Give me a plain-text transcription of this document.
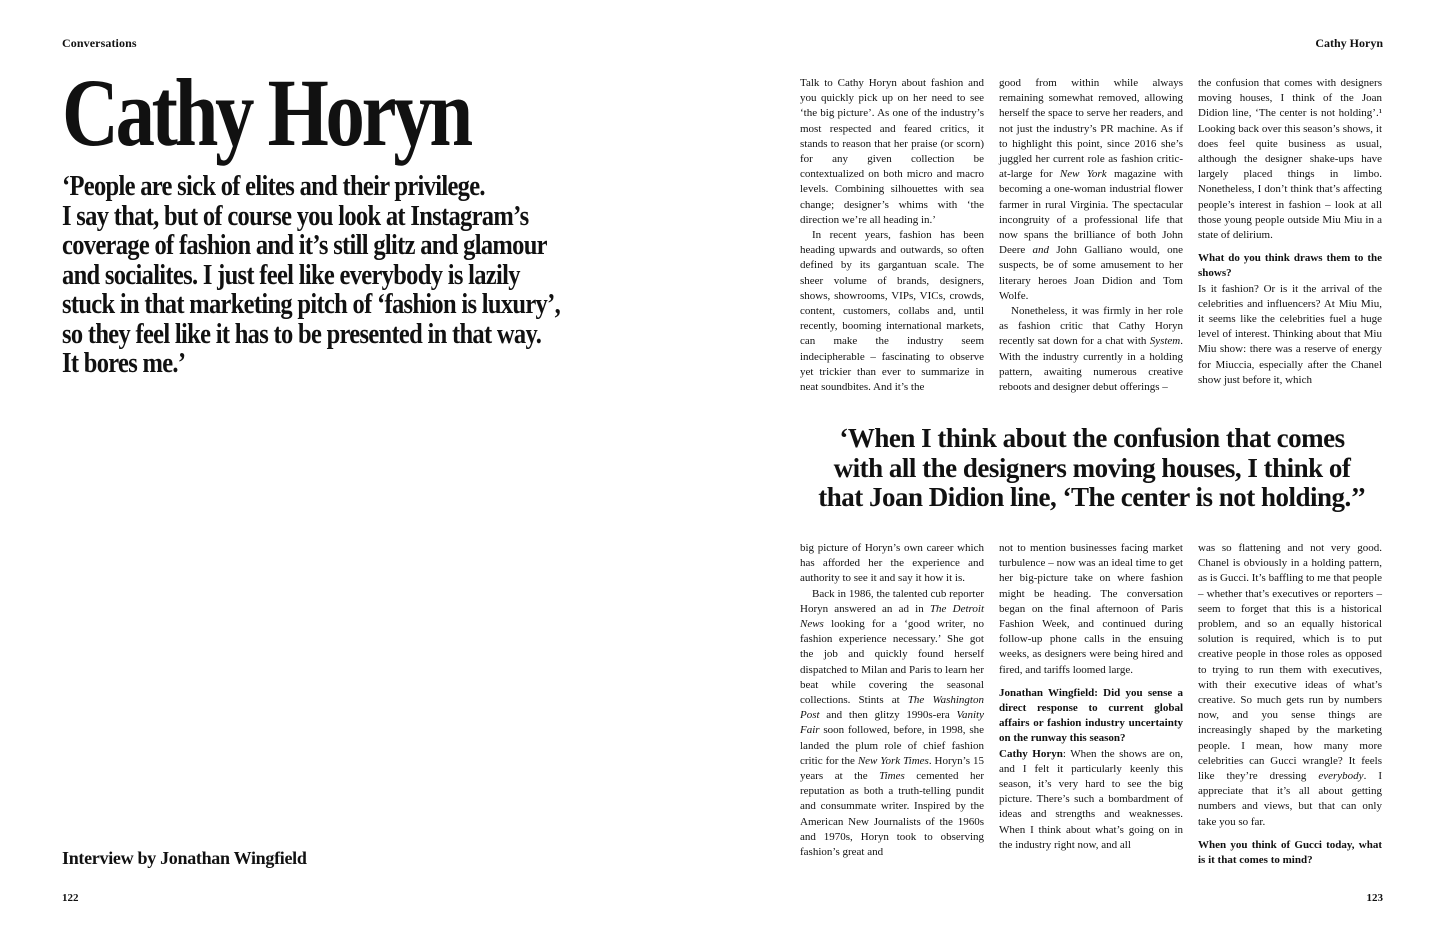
Conversations
Cathy Horyn
‘People are sick of elites and their privilege.
I say that, but of course you look at Instagram’s
coverage of fashion and it’s still glitz and glamour
and socialites. I just feel like everybody is lazily
stuck in that marketing pitch of ‘fashion is luxury’,
so they feel like it has to be presented in that way.
It bores me.’
Interview by Jonathan Wingfield
122
Cathy Horyn

Talk to Cathy Horyn about fashion and you quickly pick up on her need to see ‘the big picture’. As one of the industry’s most respected and feared critics, it stands to reason that her praise (or scorn) for any given collection be contextualized on both micro and macro levels. Combining silhouettes with sea change; designer’s whims with ‘the direction we’re all heading in.’

In recent years, fashion has been heading upwards and outwards, so often defined by its gargantuan scale. The sheer volume of brands, designers, shows, showrooms, VIPs, VICs, crowds, content, customers, collabs and, until recently, booming international markets, can make the industry seem indecipherable – fascinating to observe yet trickier than ever to summarize in neat soundbites. And it’s the

good from within while always remaining somewhat removed, allowing herself the space to serve her readers, and not just the industry’s PR machine. As if to highlight this point, since 2016 she’s juggled her current role as fashion critic-at-large for New York magazine with becoming a one-woman industrial flower farmer in rural Virginia. The spectacular incongruity of a professional life that now spans the brilliance of both John Deere and John Galliano would, one suspects, be of some amusement to her literary heroes Joan Didion and Tom Wolfe.

Nonetheless, it was firmly in her role as fashion critic that Cathy Horyn recently sat down for a chat with System. With the industry currently in a holding pattern, awaiting numerous creative reboots and designer debut offerings –

the confusion that comes with designers moving houses, I think of the Joan Didion line, ‘The center is not holding’.¹ Looking back over this season’s shows, it does feel quite business as usual, although the designer shake-ups have largely placed things in limbo. Nonetheless, I don’t think that’s affecting people’s interest in fashion – look at all those young people outside Miu Miu in a state of delirium.

What do you think draws them to the shows?

Is it fashion? Or is it the arrival of the celebrities and influencers? At Miu Miu, it seems like the celebrities fuel a huge level of interest. Thinking about that Miu Miu show: there was a reserve of energy for Miuccia, especially after the Chanel show just before it, which

‘When I think about the confusion that comes
with all the designers moving houses, I think of
that Joan Didion line, ‘The center is not holding.’’

big picture of Horyn’s own career which has afforded her the experience and authority to see it and say it how it is.

Back in 1986, the talented cub reporter Horyn answered an ad in The Detroit News looking for a ‘good writer, no fashion experience necessary.’ She got the job and quickly found herself dispatched to Milan and Paris to learn her beat while covering the seasonal collections. Stints at The Washington Post and then glitzy 1990s-era Vanity Fair soon followed, before, in 1998, she landed the plum role of chief fashion critic for the New York Times. Horyn’s 15 years at the Times cemented her reputation as both a truth-telling pundit and consummate writer. Inspired by the American New Journalists of the 1960s and 1970s, Horyn took to observing fashion’s great and

not to mention businesses facing market turbulence – now was an ideal time to get her big-picture take on where fashion might be heading. The conversation began on the final afternoon of Paris Fashion Week, and continued during follow-up phone calls in the ensuing weeks, as designers were being hired and fired, and tariffs loomed large.

Jonathan Wingfield: Did you sense a direct response to current global affairs or fashion industry uncertainty on the runway this season?

Cathy Horyn: When the shows are on, and I felt it particularly keenly this season, it’s very hard to see the big picture. There’s such a bombardment of ideas and strengths and weaknesses. When I think about what’s going on in the industry right now, and all

was so flattening and not very good. Chanel is obviously in a holding pattern, as is Gucci. It’s baffling to me that people – whether that’s executives or reporters – seem to forget that this is a historical problem, and so an equally historical solution is required, which is to put creative people in those roles as opposed to trying to run them with executives, with their executive ideas of what’s creative. So much gets run by numbers now, and you sense things are increasingly shaped by the marketing people. I mean, how many more celebrities can Gucci wrangle? It feels like they’re dressing everybody. I appreciate that it’s all about getting numbers and views, but that can only take you so far.

When you think of Gucci today, what is it that comes to mind?

123
